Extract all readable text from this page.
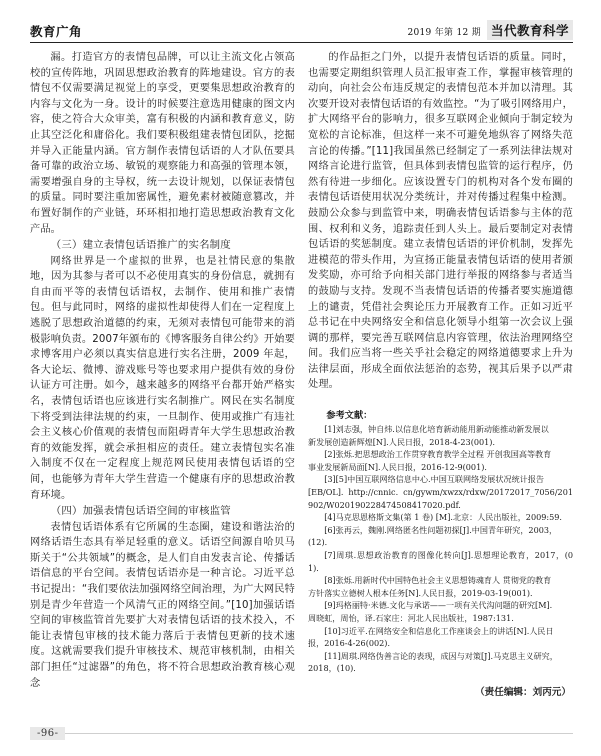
教育广角	2019 年第 12 期 当代教育科学

漏。打造官方的表情包品牌，可以让主流文化占领高校的宣传阵地，巩固思想政治教育的阵地建设。官方的表情包不仅需要满足视觉上的享受，更要集思想政治教育的内容与文化为一身。设计的时候要注意选用健康的图文内容，使之符合大众审美，富有积极的内涵和教育意义，防止其空泛化和庸俗化。我们要积极组建表情包团队，挖掘并导入正能量内涵。官方制作表情包话语的人才队伍要具备可靠的政治立场、敏锐的观察能力和高强的管理本领，需要增强自身的主导权，统一去设计规划，以保证表情包的质量。同时要注重加密属性，避免素材被随意篡改，并布置好制作的产业链，环环相扣地打造思想政治教育文化产品。

（三）建立表情包话语推广的实名制度

网络世界是一个虚拟的世界，也是社情民意的集散地，因为其参与者可以不必使用真实的身份信息，就拥有自由而平等的表情包话语权，去制作、使用和推广表情包。但与此同时，网络的虚拟性却使得人们在一定程度上逃脱了思想政治道德的约束，无须对表情包可能带来的消极影响负责。2007年颁布的《博客服务自律公约》开始要求博客用户必须以真实信息进行实名注册，2009 年起，各大论坛、微博、游戏账号等也要求用户提供有效的身份认证方可注册。如今，越来越多的网络平台都开始严格实名，表情包话语也应该进行实名制推广。网民在实名制度下将受到法律法规的约束，一旦制作、使用或推广有违社会主义核心价值观的表情包而阻碍青年大学生思想政治教育的效能发挥，就会承担相应的责任。建立表情包实名准入制度不仅在一定程度上规范网民使用表情包话语的空间，也能够为青年大学生营造一个健康有序的思想政治教育环境。

（四）加强表情包话语空间的审核监管

表情包话语体系有它所属的生态圈，建设和谐法治的网络话语生态具有举足轻重的意义。话语空间源自哈贝马斯关于“公共领域”的概念，是人们自由发表言论、传播话语信息的平台空间。表情包话语亦是一种言论。习近平总书记提出：“我们要依法加强网络空间治理，为广大网民特别是青少年营造一个风清气正的网络空间。”[10]加强话语空间的审核监管首先要扩大对表情包话语的技术投入，不能让表情包审核的技术能力落后于表情包更新的技术速度。这就需要我们提升审核技术、规范审核机制，由相关部门担任“过滤器”的角色，将不符合思想政治教育核心观念

的作品拒之门外，以提升表情包话语的质量。同时，也需要定期组织管理人员汇报审查工作，掌握审核管理的动向，向社会公布违反规定的表情包范本并加以清理。其次要开设对表情包话语的有效监控。“为了吸引网络用户，扩大网络平台的影响力，很多互联网企业倾向于制定较为宽松的言论标准，但这样一来不可避免地纵容了网络失范言论的传播。”[11]我国虽然已经制定了一系列法律法规对网络言论进行监管，但具体到表情包监管的运行程序，仍然有待进一步细化。应该设置专门的机构对各个发布圈的表情包话语使用状况分类统计，并对传播过程集中检测。鼓励公众参与到监管中来，明确表情包话语参与主体的范围、权利和义务，追踪责任到人头上。最后要制定对表情包话语的奖惩制度。建立表情包话语的评价机制，发挥先进模范的带头作用，为宣扬正能量表情包话语的使用者颁发奖励，亦可给予向相关部门进行举报的网络参与者适当的鼓励与支持。发现不当表情包话语的传播者要实施道德上的谴责，凭借社会舆论压力开展教育工作。正如习近平总书记在中央网络安全和信息化领导小组第一次会议上强调的那样，要完善互联网信息内容管理，依法治理网络空间。我们应当将一些关乎社会稳定的网络道德要求上升为法律层面，形成全面依法惩治的态势，视其后果予以严肃处理。

参考文献：

[1]刘志强，钟自炜.以信息化培育新动能用新动能推动新发展以

新发展创造新辉煌[N].人民日报，2018-4-23(001)．

[2]张烁.把思想政治工作贯穿教育教学全过程 开创我国高等教育

事业发展新局面[N].人民日报，2016-12-9(001)．

[3][5]中国互联网络信息中心.中国互联网络发展状况统计报告

[EB/OL]. http://cnnic. cn/gywm/xwzx/rdxw/20172017_7056/201902/W020190228474508417020.pdf.

[4]马克思恩格斯文集(第 1 卷) [M].北京：人民出版社，2009:59.

[6]张再云，魏刚.网络匿名性问题初探[J].中国青年研究，2003，

(12)．

[7]周琪.思想政治教育的图像化转向[J].思想理论教育，2017，(01)．

[8]张烁.用新时代中国特色社会主义思想铸魂育人 贯彻党的教育

方针落实立德树人根本任务[N].人民日报，2019-03-19(001)．

[9]玛格丽特·米德.文化与承诺——一项有关代沟问题的研究[M].

周晓虹，周怡，译.石家庄：河北人民出版社，1987:131.

[10]习近平.在网络安全和信息化工作座谈会上的讲话[N].人民日

报，2016-4-26(002)．

[11]周琪.网络伪善言论的表现，成因与对策[J].马克思主义研究，

2018，(10)．

（责任编辑：刘丙元）
-96-
